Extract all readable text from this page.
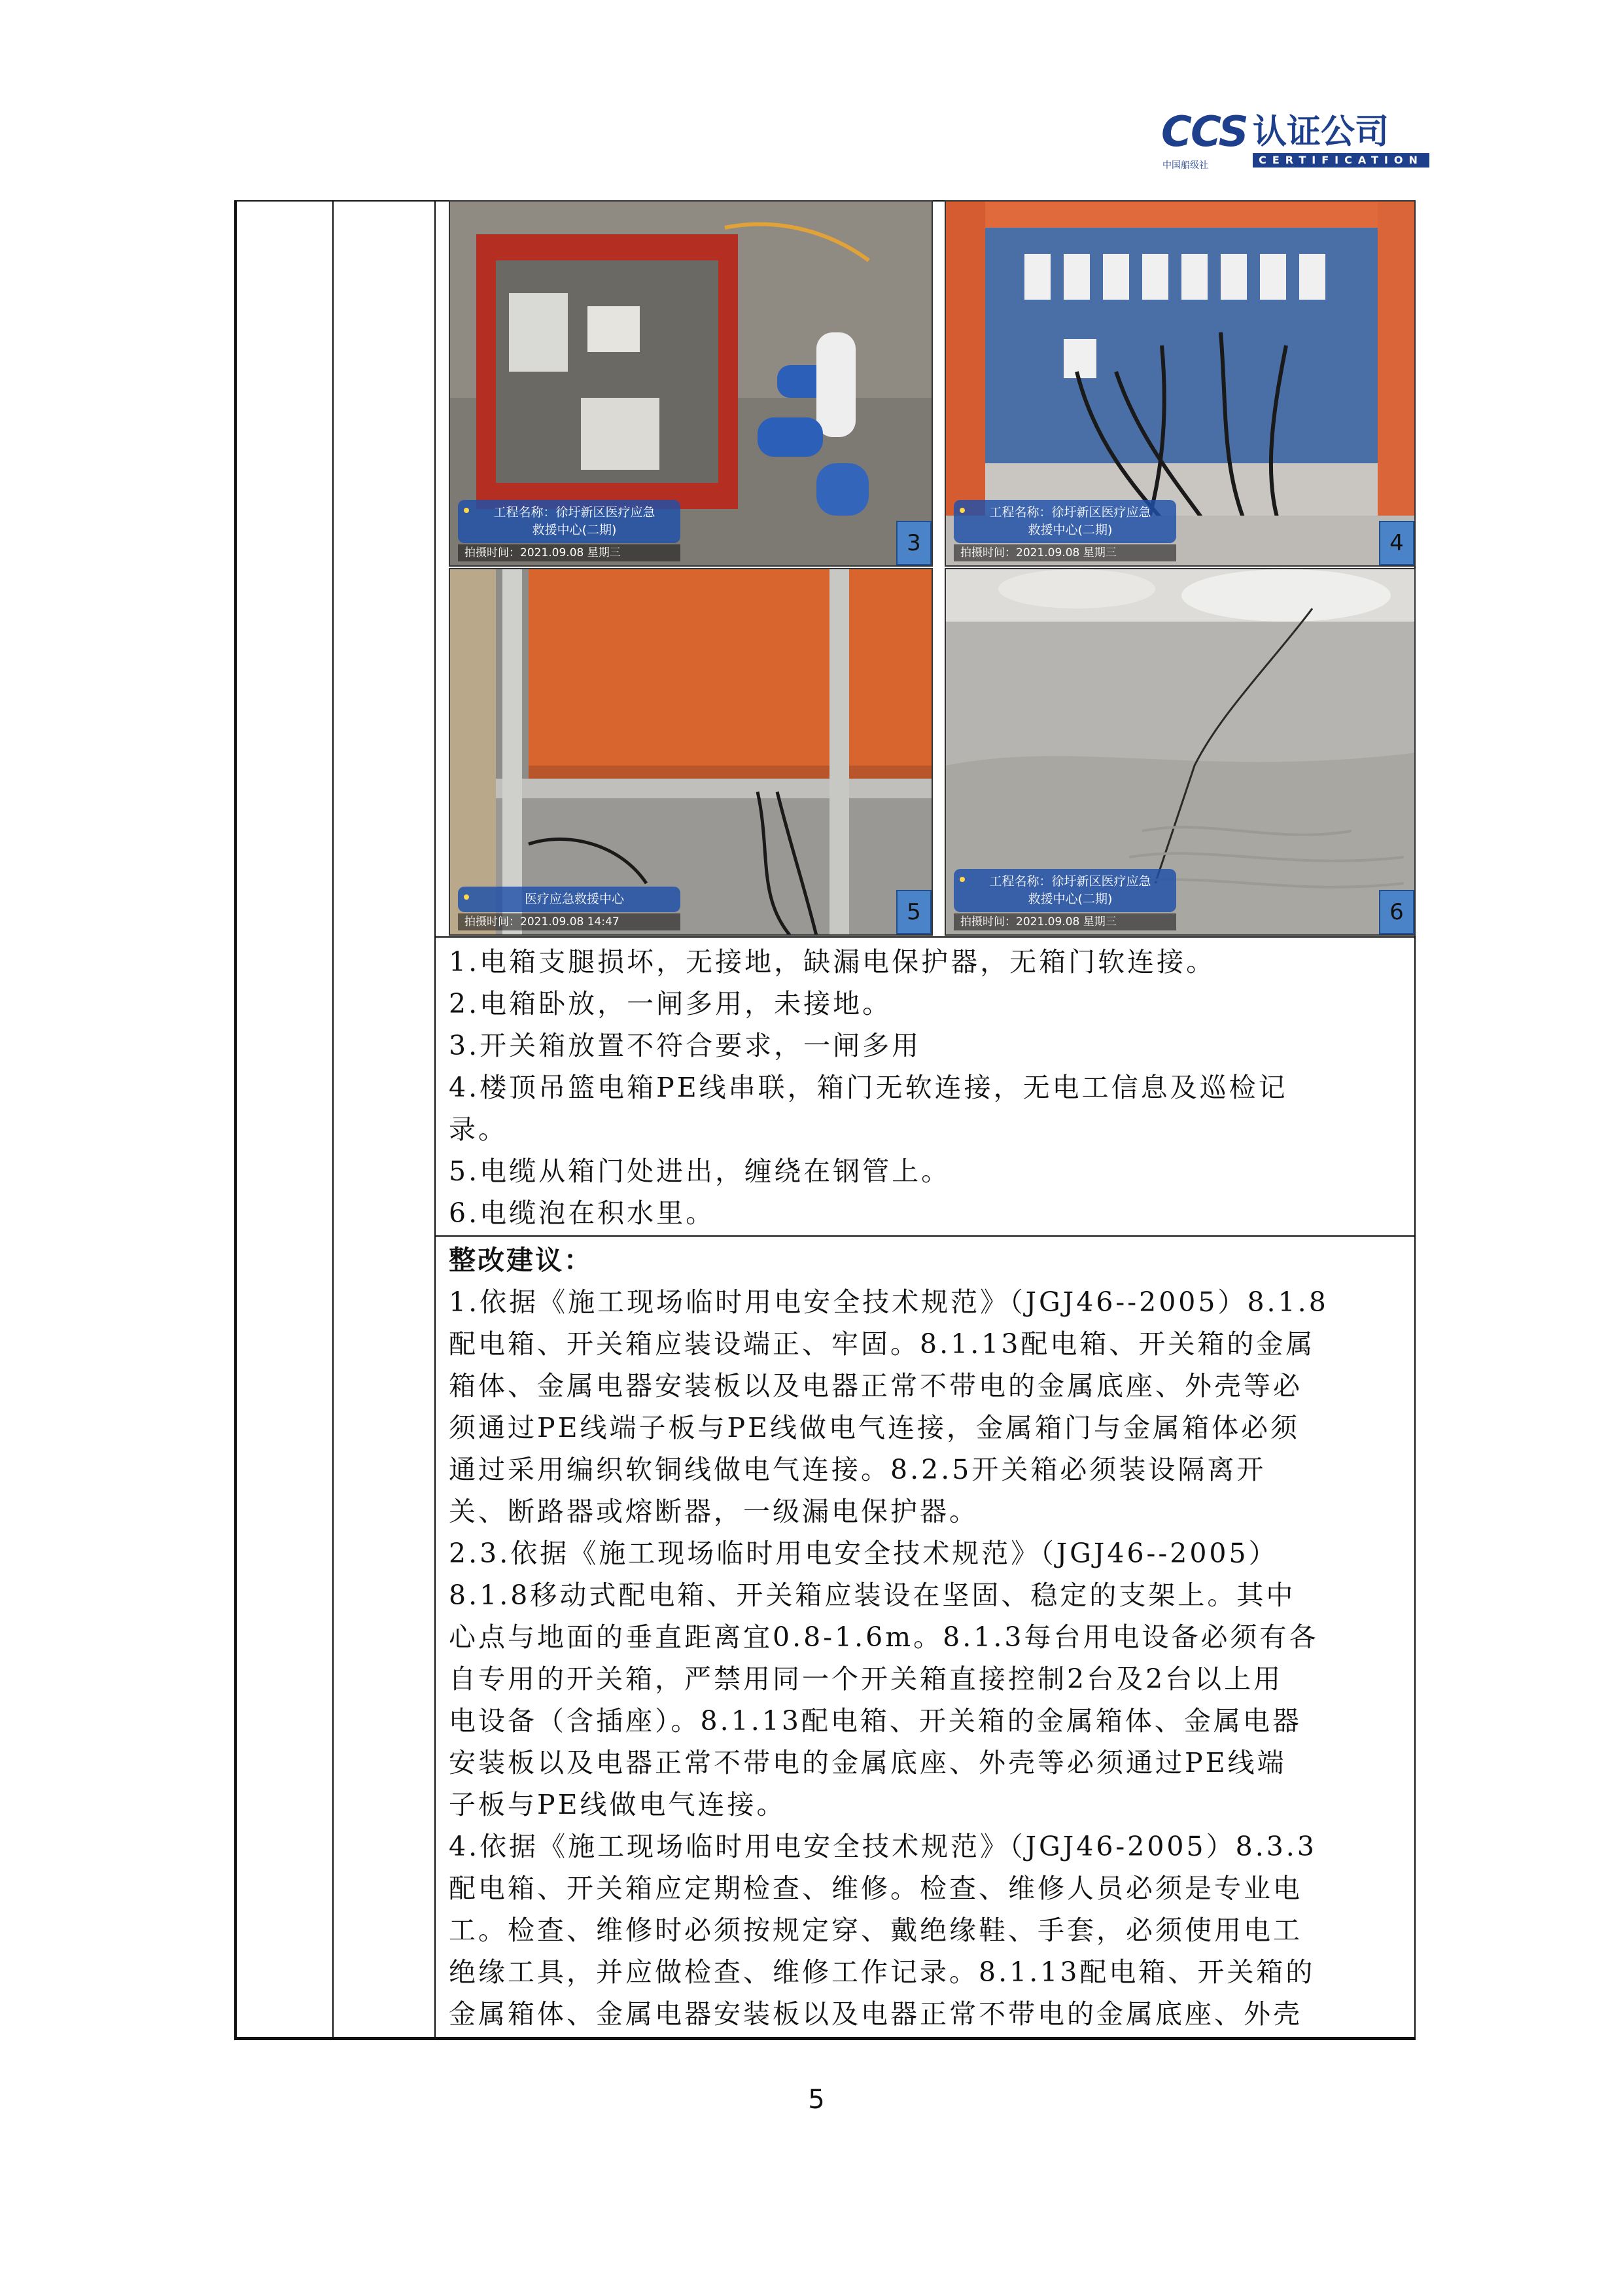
CCS 认证公司
CERTIFICATION
中国船级社
工程名称：徐圩新区医疗应急
救援中心(二期)
拍摄时间：2021.09.08 星期三	3
工程名称：徐圩新区医疗应急
救援中心(二期)
拍摄时间：2021.09.08 星期三	4
医疗应急救援中心
拍摄时间：2021.09.08 14:47	5
工程名称：徐圩新区医疗应急
救援中心(二期)
拍摄时间：2021.09.08 星期三	6
1.电箱支腿损坏，无接地，缺漏电保护器，无箱门软连接。
2.电箱卧放，一闸多用，未接地。
3.开关箱放置不符合要求，一闸多用
4.楼顶吊篮电箱PE线串联，箱门无软连接，无电工信息及巡检记
录。
5.电缆从箱门处进出，缠绕在钢管上。
6.电缆泡在积水里。
整改建议：
1.依据《施工现场临时用电安全技术规范》（JGJ46--2005）8.1.8
配电箱、开关箱应装设端正、牢固。8.1.13配电箱、开关箱的金属
箱体、金属电器安装板以及电器正常不带电的金属底座、外壳等必
须通过PE线端子板与PE线做电气连接，金属箱门与金属箱体必须
通过采用编织软铜线做电气连接。8.2.5开关箱必须装设隔离开
关、断路器或熔断器，一级漏电保护器。
2.3.依据《施工现场临时用电安全技术规范》（JGJ46--2005）
8.1.8移动式配电箱、开关箱应装设在坚固、稳定的支架上。其中
心点与地面的垂直距离宜0.8-1.6m。8.1.3每台用电设备必须有各
自专用的开关箱，严禁用同一个开关箱直接控制2台及2台以上用
电设备（含插座）。8.1.13配电箱、开关箱的金属箱体、金属电器
安装板以及电器正常不带电的金属底座、外壳等必须通过PE线端
子板与PE线做电气连接。
4.依据《施工现场临时用电安全技术规范》（JGJ46-2005）8.3.3
配电箱、开关箱应定期检查、维修。检查、维修人员必须是专业电
工。检查、维修时必须按规定穿、戴绝缘鞋、手套，必须使用电工
绝缘工具，并应做检查、维修工作记录。8.1.13配电箱、开关箱的
金属箱体、金属电器安装板以及电器正常不带电的金属底座、外壳
5
